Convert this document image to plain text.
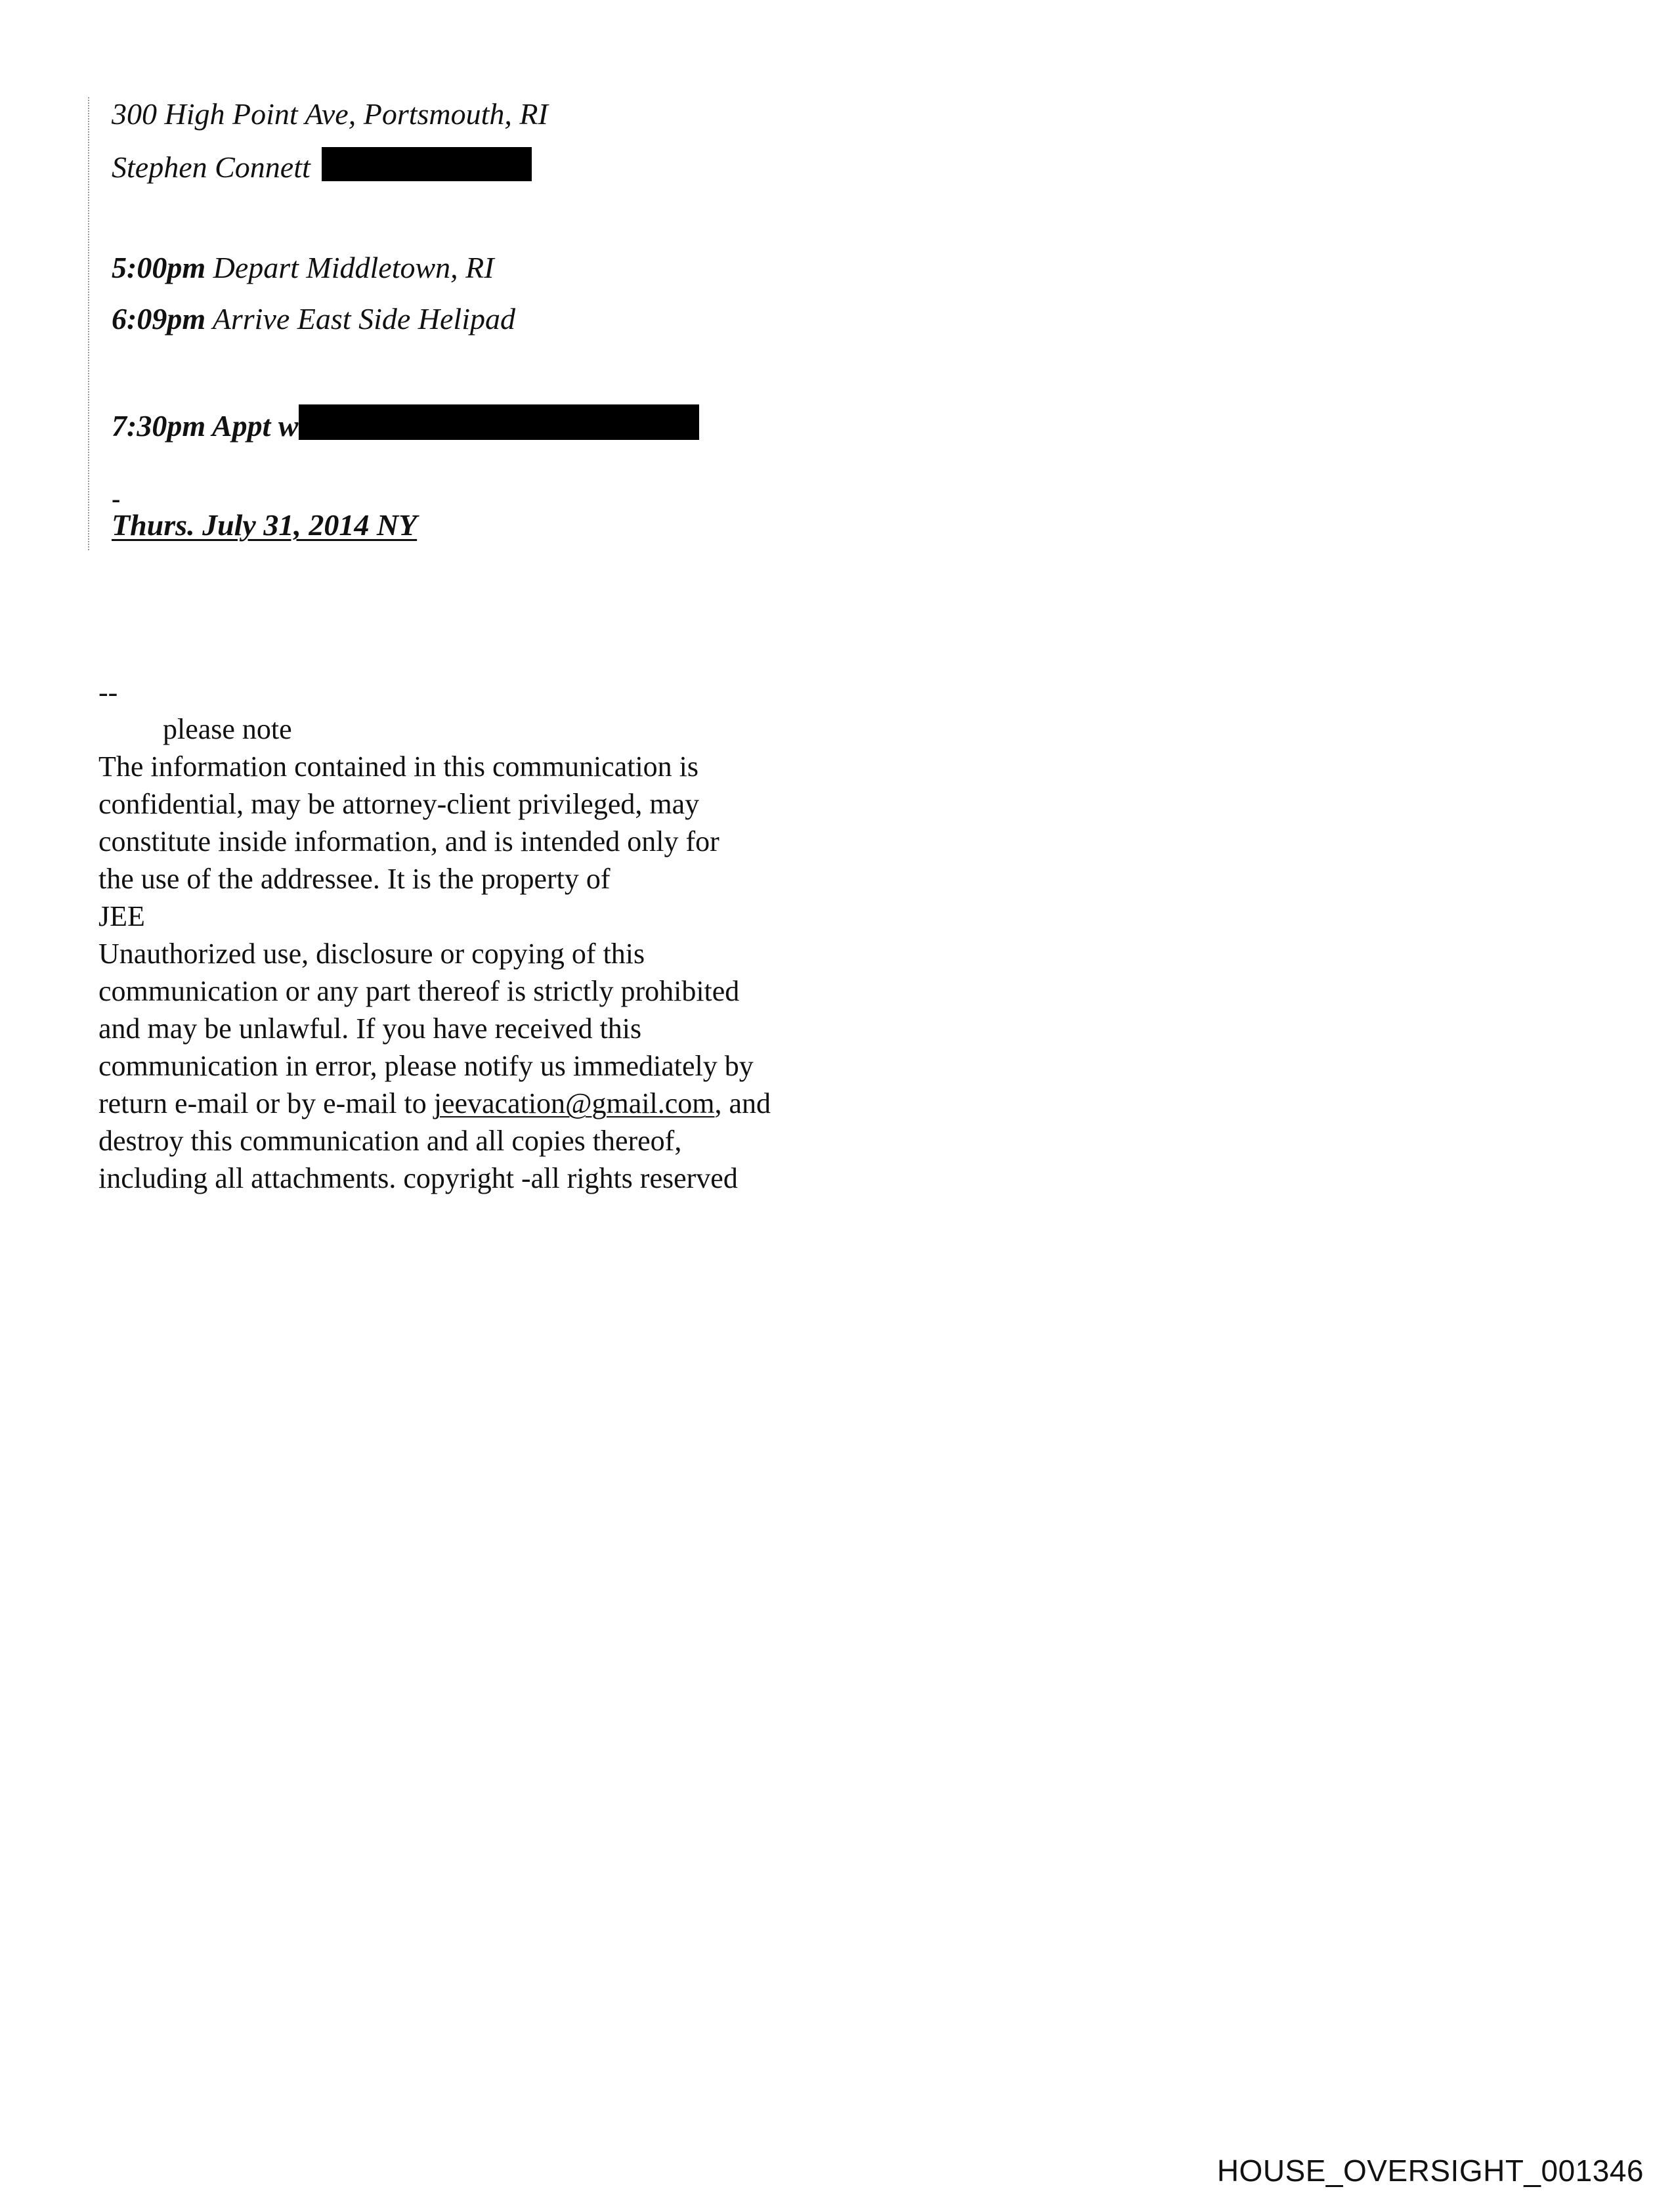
300 High Point Ave, Portsmouth, RI
Stephen Connett
5:00pm Depart Middletown, RI
6:09pm Arrive East Side Helipad
7:30pm Appt w
-
Thurs. July 31, 2014 NY
--
please note
The information contained in this communication is
confidential, may be attorney-client privileged, may
constitute inside information, and is intended only for
the use of the addressee. It is the property of
JEE
Unauthorized use, disclosure or copying of this
communication or any part thereof is strictly prohibited
and may be unlawful. If you have received this
communication in error, please notify us immediately by
return e-mail or by e-mail to jeevacation@gmail.com, and
destroy this communication and all copies thereof,
including all attachments. copyright -all rights reserved
HOUSE_OVERSIGHT_001346
